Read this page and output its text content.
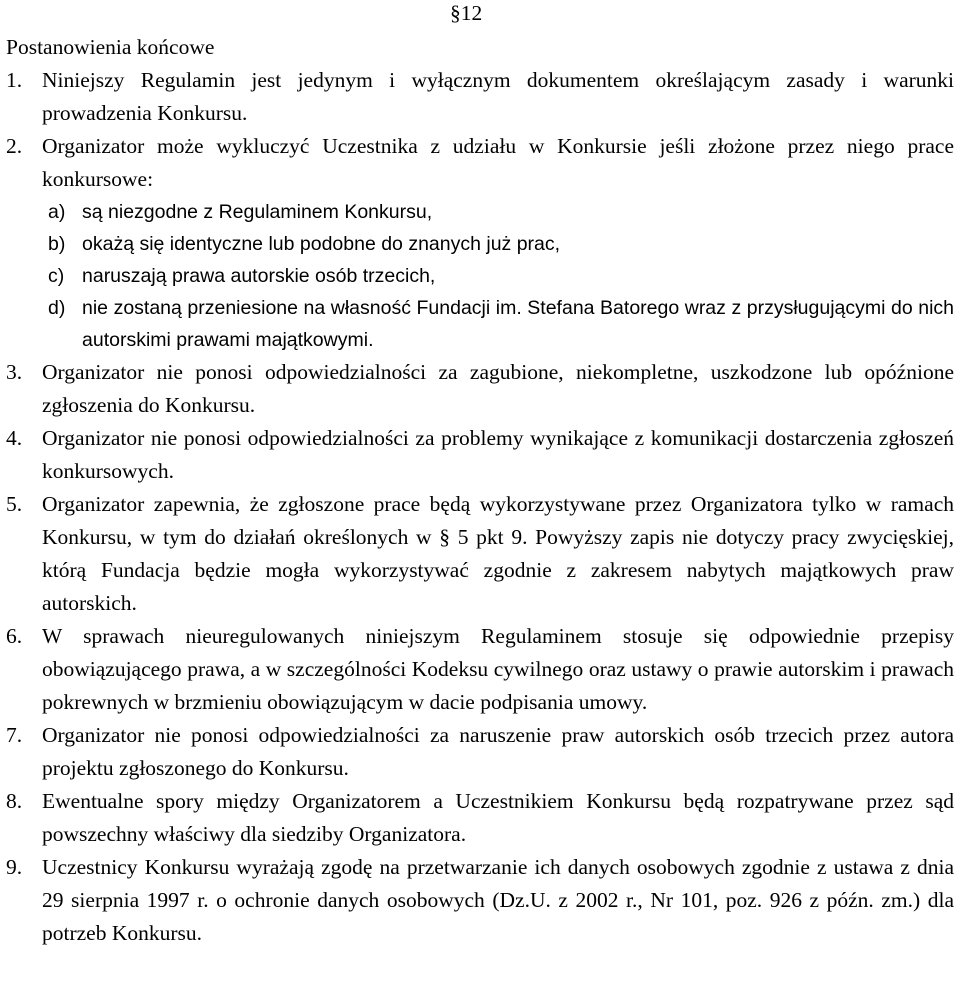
§12
Postanowienia końcowe
1. Niniejszy Regulamin jest jedynym i wyłącznym dokumentem określającym zasady i warunki prowadzenia Konkursu.
2. Organizator może wykluczyć Uczestnika z udziału w Konkursie jeśli złożone przez niego prace konkursowe:
a) są niezgodne z Regulaminem Konkursu,
b) okażą się identyczne lub podobne do znanych już prac,
c) naruszają prawa autorskie osób trzecich,
d) nie zostaną przeniesione na własność Fundacji im. Stefana Batorego wraz z przysługującymi do nich autorskimi prawami majątkowymi.
3. Organizator nie ponosi odpowiedzialności za zagubione, niekompletne, uszkodzone lub opóźnione zgłoszenia do Konkursu.
4. Organizator nie ponosi odpowiedzialności za problemy wynikające z komunikacji dostarczenia zgłoszeń konkursowych.
5. Organizator zapewnia, że zgłoszone prace będą wykorzystywane przez Organizatora tylko w ramach Konkursu, w tym do działań określonych w § 5 pkt 9. Powyższy zapis nie dotyczy pracy zwycięskiej, którą Fundacja będzie mogła wykorzystywać zgodnie z zakresem nabytych majątkowych praw autorskich.
6. W sprawach nieuregulowanych niniejszym Regulaminem stosuje się odpowiednie przepisy obowiązującego prawa, a w szczególności Kodeksu cywilnego oraz ustawy o prawie autorskim i prawach pokrewnych w brzmieniu obowiązującym w dacie podpisania umowy.
7. Organizator nie ponosi odpowiedzialności za naruszenie praw autorskich osób trzecich przez autora projektu zgłoszonego do Konkursu.
8. Ewentualne spory między Organizatorem a Uczestnikiem Konkursu będą rozpatrywane przez sąd powszechny właściwy dla siedziby Organizatora.
9. Uczestnicy Konkursu wyrażają zgodę na przetwarzanie ich danych osobowych zgodnie z ustawa z dnia 29 sierpnia 1997 r. o ochronie danych osobowych (Dz.U. z 2002 r., Nr 101, poz. 926 z późn. zm.) dla potrzeb Konkursu.
